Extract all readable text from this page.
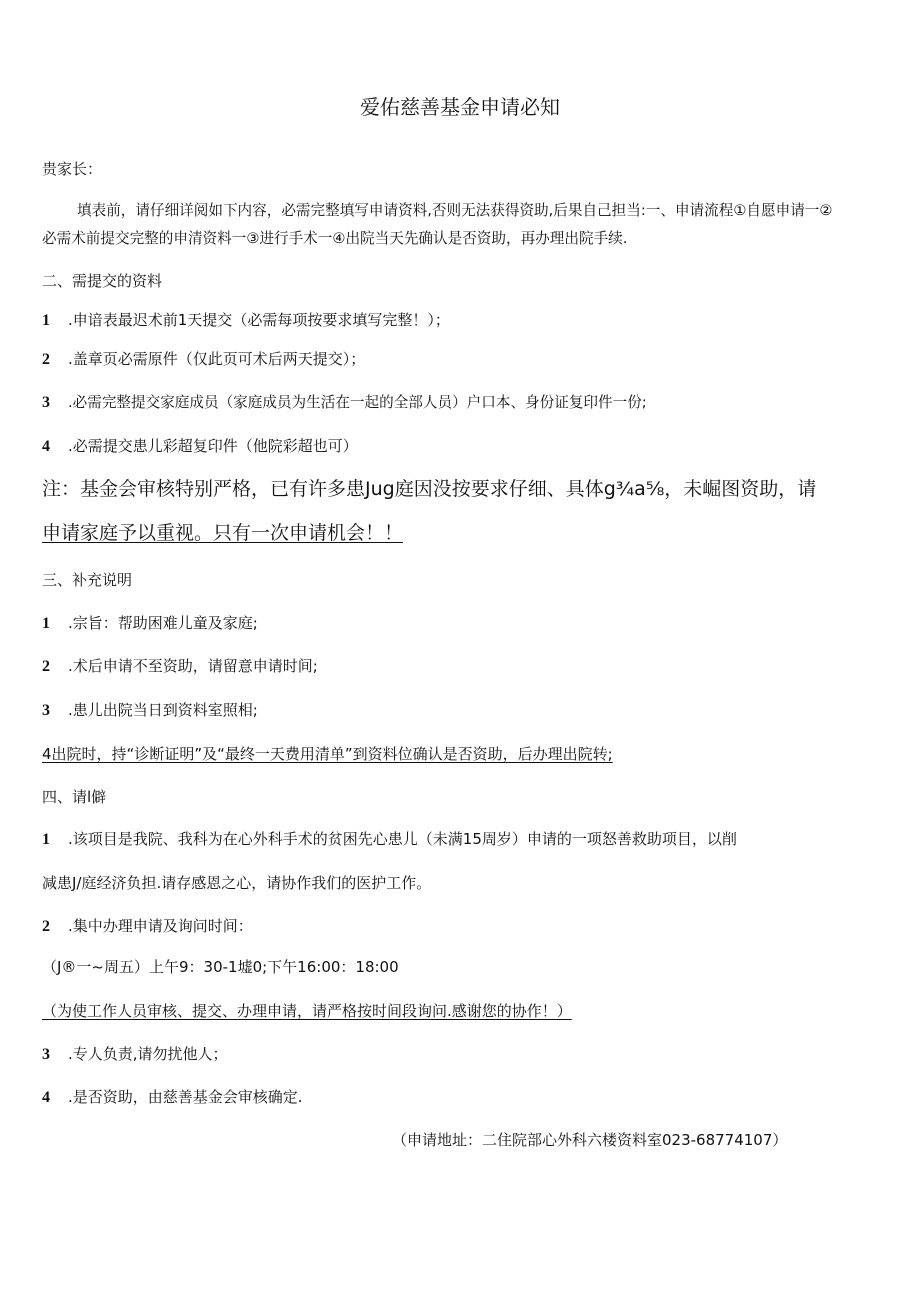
爱佑慈善基金申请必知
贵家长：
填表前，请仔细详阅如下内容，必需完整填写申请资料,否则无法获得资助,后果自己担当:一、申请流程①自愿申请一②
必需术前提交完整的申清资料一③进行手术一④出院当天先确认是否资助，再办理出院手续.
二、需提交的资料
1 .申谙表最迟术前1天提交（必需每项按要求填写完整！）；
2 .盖章页必需原件（仅此页可术后两天提交）；
3 .必需完整提交家庭成员（家庭成员为生活在一起的全部人员）户口本、身份证复印件一份;
4 .必需提交患儿彩超复印件（他院彩超也可）
注：基金会审核特别严格，已有许多患Jug庭因没按要求仔细、具体g¾a⅝，未崛图资助，请
申请家庭予以重视。只有一次申请机会！！
三、补充说明
1 .宗旨：帮助困难儿童及家庭;
2 .术后申请不至资助，请留意申请时间;
3 .患儿出院当日到资料室照相;
4出院时，持“诊断证明”及“最终一天费用清单”到资料位确认是否资助，后办理出院转;
四、请l僻
1 .该项目是我院、我科为在心外科手术的贫困先心患儿（未满15周岁）申请的一项怒善救助项目，以削
减患J/庭经济负担.请存感恩之心，请协作我们的医护工作。
2 .集中办理申请及询问时间：
（J®一~周五）上午9：30-1墟0;下午16:00：18:00
（为使工作人员审核、提交、办理申请，请严格按时间段询问.感谢您的协作！）
3 .专人负责,请勿扰他人；
4 .是否资助，由慈善基金会审核确定.
（申请地址：二住院部心外科六楼资料室023-68774107）
